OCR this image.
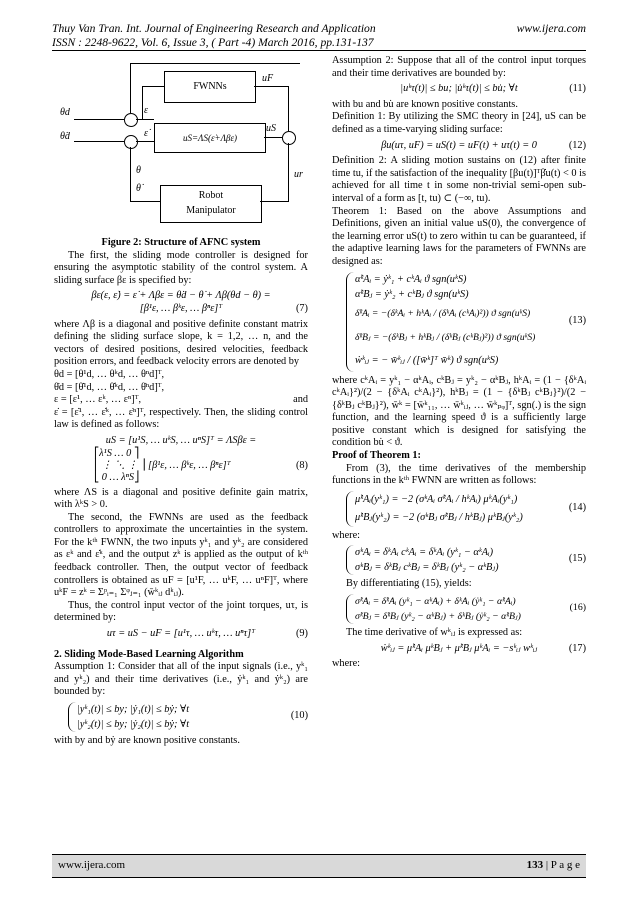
Thuy Van Tran. Int. Journal of Engineering Research and Application	www.ijera.com
ISSN : 2248-9622, Vol. 6, Issue 3, ( Part -4) March 2016, pp.131-137
FWNNs
uS=ΛS(ε̇+Λβε)
Robot
Manipulator
uF
uS
ur
θd
θ̇d
ε
ε̇
θ
θ̇

Figure 2: Structure of AFNC system

The first, the sliding mode controller is designed for ensuring the asymptotic stability of the control system. A sliding surface βε is specified by:

βε(ε, ε̇) = ε̇ + Λβε = θ̇d − θ̇ + Λβ(θd − θ) =
[β¹ε, … βᵏε, … βⁿε]ᵀ	(7)

where Λβ is a diagonal and positive definite constant matrix defining the sliding surface slope, k = 1,2, … n, and the vectors of desired positions, desired velocities, feedback position errors, and feedback velocity errors are denoted by

θd = [θ¹d, … θᵏd, … θⁿd]ᵀ,

θ̇d = [θ̇¹d, … θ̇ᵏd, … θ̇ⁿd]ᵀ,

ε = [ε¹, … εᵏ, … εⁿ]ᵀ,	and

ε̇ = [ε̇¹, … ε̇ᵏ, … ε̇ⁿ]ᵀ, respectively. Then, the sliding control law is defined as follows:

uS = [u¹S, … uᵏS, … uⁿS]ᵀ = ΛSβε =
⎡λ¹S … 0 ⎤
⎢ ⋮ ⋱ ⋮ ⎥ [β¹ε, … βᵏε, … βⁿε]ᵀ
⎣ 0 … λⁿS⎦
(8)

where ΛS is a diagonal and positive definite gain matrix, with λᵏS > 0.

The second, the FWNNs are used as the feedback controllers to approximate the uncertainties in the system. For the kᵗʰ FWNN, the two inputs yᵏ₁ and yᵏ₂ are considered as εᵏ and ε̇ᵏ, and the output zᵏ is applied as the output of kᵗʰ feedback controller. Then, the output vector of feedback controllers is obtained as uF = [u¹F, … uᵏF, … uⁿF]ᵀ, where uᵏF = zᵏ = Σᵖᵢ₌₁ Σᵠⱼ₌₁ (w̄ᵏᵢⱼ dᵏᵢⱼ).

Thus, the control input vector of the joint torques, uτ, is determined by:

uτ = uS − uF = [u¹τ, … uᵏτ, … uⁿτ]ᵀ	(9)

2. Sliding Mode-Based Learning Algorithm

Assumption 1: Consider that all of the input signals (i.e., yᵏ₁ and yᵏ₂) and their time derivatives (i.e., ẏᵏ₁ and ẏᵏ₂) are bounded by:

|yᵏ₁(t)| ≤ by; |ẏ₁(t)| ≤ bẏ; ∀t
|yᵏ₂(t)| ≤ by; |ẏ₂(t)| ≤ bẏ; ∀t
(10)

with by and bẏ are known positive constants.

Assumption 2: Suppose that all of the control input torques and their time derivatives are bounded by:

|uᵏτ(t)| ≤ bu; |u̇ᵏτ(t)| ≤ bu̇; ∀t	(11)

with bu and bu̇ are known positive constants.

Definition 1: By utilizing the SMC theory in [24], uS can be defined as a time-varying sliding surface:

βu(uτ, uF) = uS(t) = uF(t) + uτ(t) = 0	(12)

Definition 2: A sliding motion sustains on (12) after finite time tu, if the satisfaction of the inequality [βu(t)]ᵀβ̇u(t) < 0 is achieved for all time t in some non-trivial semi-open sub-interval of a form as [t, tu) ⊂ (−∞, tu).

Theorem 1: Based on the above Assumptions and Definitions, given an initial value uS(0), the convergence of the learning error uS(t) to zero within tu can be guaranteed, if the adaptive learning laws for the parameters of FWNNs are designed as:

α̇ᵏAᵢ = ẏᵏ₁ + cᵏAᵢ ϑ sgn(uᵏS)
α̇ᵏBⱼ = ẏᵏ₂ + cᵏBⱼ ϑ sgn(uᵏS)
δ̇ᵏAᵢ = −(δᵏAᵢ + hᵏAᵢ / (δᵏAᵢ (cᵏAᵢ)²)) ϑ sgn(uᵏS)
δ̇ᵏBⱼ = −(δᵏBⱼ + hᵏBⱼ / (δᵏBⱼ (cᵏBⱼ)²)) ϑ sgn(uᵏS)
ẇᵏᵢⱼ = − w̄ᵏᵢⱼ / ([w̄ᵏ]ᵀ w̄ᵏ) ϑ sgn(uᵏS)
(13)

where cᵏAᵢ = yᵏ₁ − αᵏAᵢ, cᵏBⱼ = yᵏ₂ − αᵏBⱼ, hᵏAᵢ = (1 − {δᵏAᵢ cᵏAᵢ}²)/(2 − {δᵏAᵢ cᵏAᵢ}²), hᵏBⱼ = (1 − {δᵏBⱼ cᵏBⱼ}²)/(2 − {δᵏBⱼ cᵏBⱼ}²), w̄ᵏ = [w̄ᵏ₁₁, … w̄ᵏᵢⱼ, … w̄ᵏₚᵩ]ᵀ, sgn(.) is the sign function, and the learning speed ϑ is a sufficiently large positive constant which is designed for satisfying the condition bu̇ < ϑ.

Proof of Theorem 1:

From (3), the time derivatives of the membership functions in the kᵗʰ FWNN are written as follows:

μ̇ᵏAᵢ(yᵏ₁) = −2 (σᵏAᵢ σ̇ᵏAᵢ / hᵏAᵢ) μᵏAᵢ(yᵏ₁)
μ̇ᵏBⱼ(yᵏ₂) = −2 (σᵏBⱼ σ̇ᵏBⱼ / hᵏBⱼ) μᵏBⱼ(yᵏ₂)
(14)

where:

σᵏAᵢ = δᵏAᵢ cᵏAᵢ = δᵏAᵢ (yᵏ₁ − αᵏAᵢ)
σᵏBⱼ = δᵏBⱼ cᵏBⱼ = δᵏBⱼ (yᵏ₂ − αᵏBⱼ)
(15)

By differentiating (15), yields:

σ̇ᵏAᵢ = δ̇ᵏAᵢ (yᵏ₁ − αᵏAᵢ) + δᵏAᵢ (ẏᵏ₁ − α̇ᵏAᵢ)
σ̇ᵏBⱼ = δ̇ᵏBⱼ (yᵏ₂ − αᵏBⱼ) + δᵏBⱼ (ẏᵏ₂ − α̇ᵏBⱼ)
(16)

The time derivative of wᵏᵢⱼ is expressed as:

ẇᵏᵢⱼ = μ̇ᵏAᵢ μᵏBⱼ + μ̇ᵏBⱼ μᵏAᵢ = −sᵏᵢⱼ wᵏᵢⱼ	(17)

where:

www.ijera.com	133 | P a g e
